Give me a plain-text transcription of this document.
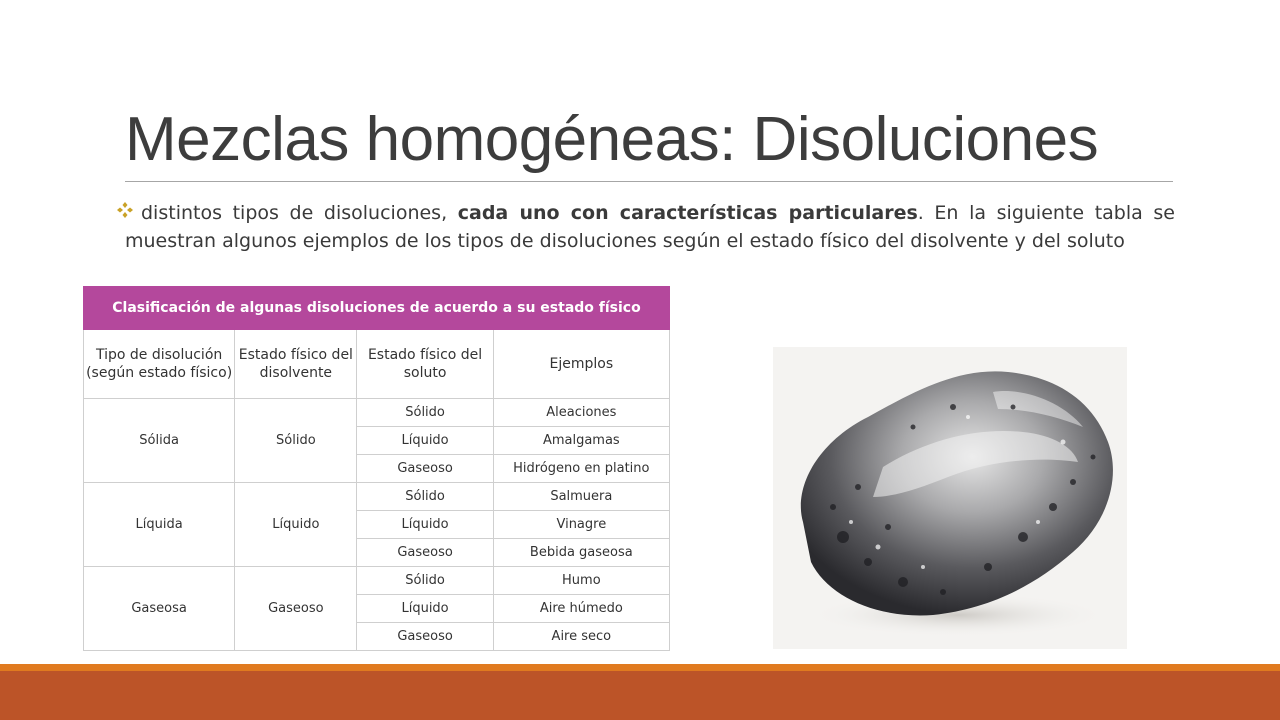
Mezclas homogéneas: Disoluciones
distintos tipos de disoluciones, cada uno con características particulares. En la siguiente tabla se muestran algunos ejemplos de los tipos de disoluciones según el estado físico del disolvente y del soluto
Clasificación de algunas disoluciones de acuerdo a su estado físico			
Tipo de disolución (según estado físico)	Estado físico del disolvente	Estado físico del soluto	Ejemplos
Sólida	Sólido	Sólido	Aleaciones
		Líquido	Amalgamas
		Gaseoso	Hidrógeno en platino
Líquida	Líquido	Sólido	Salmuera
		Líquido	Vinagre
		Gaseoso	Bebida gaseosa
Gaseosa	Gaseoso	Sólido	Humo
		Líquido	Aire húmedo
		Gaseoso	Aire seco
